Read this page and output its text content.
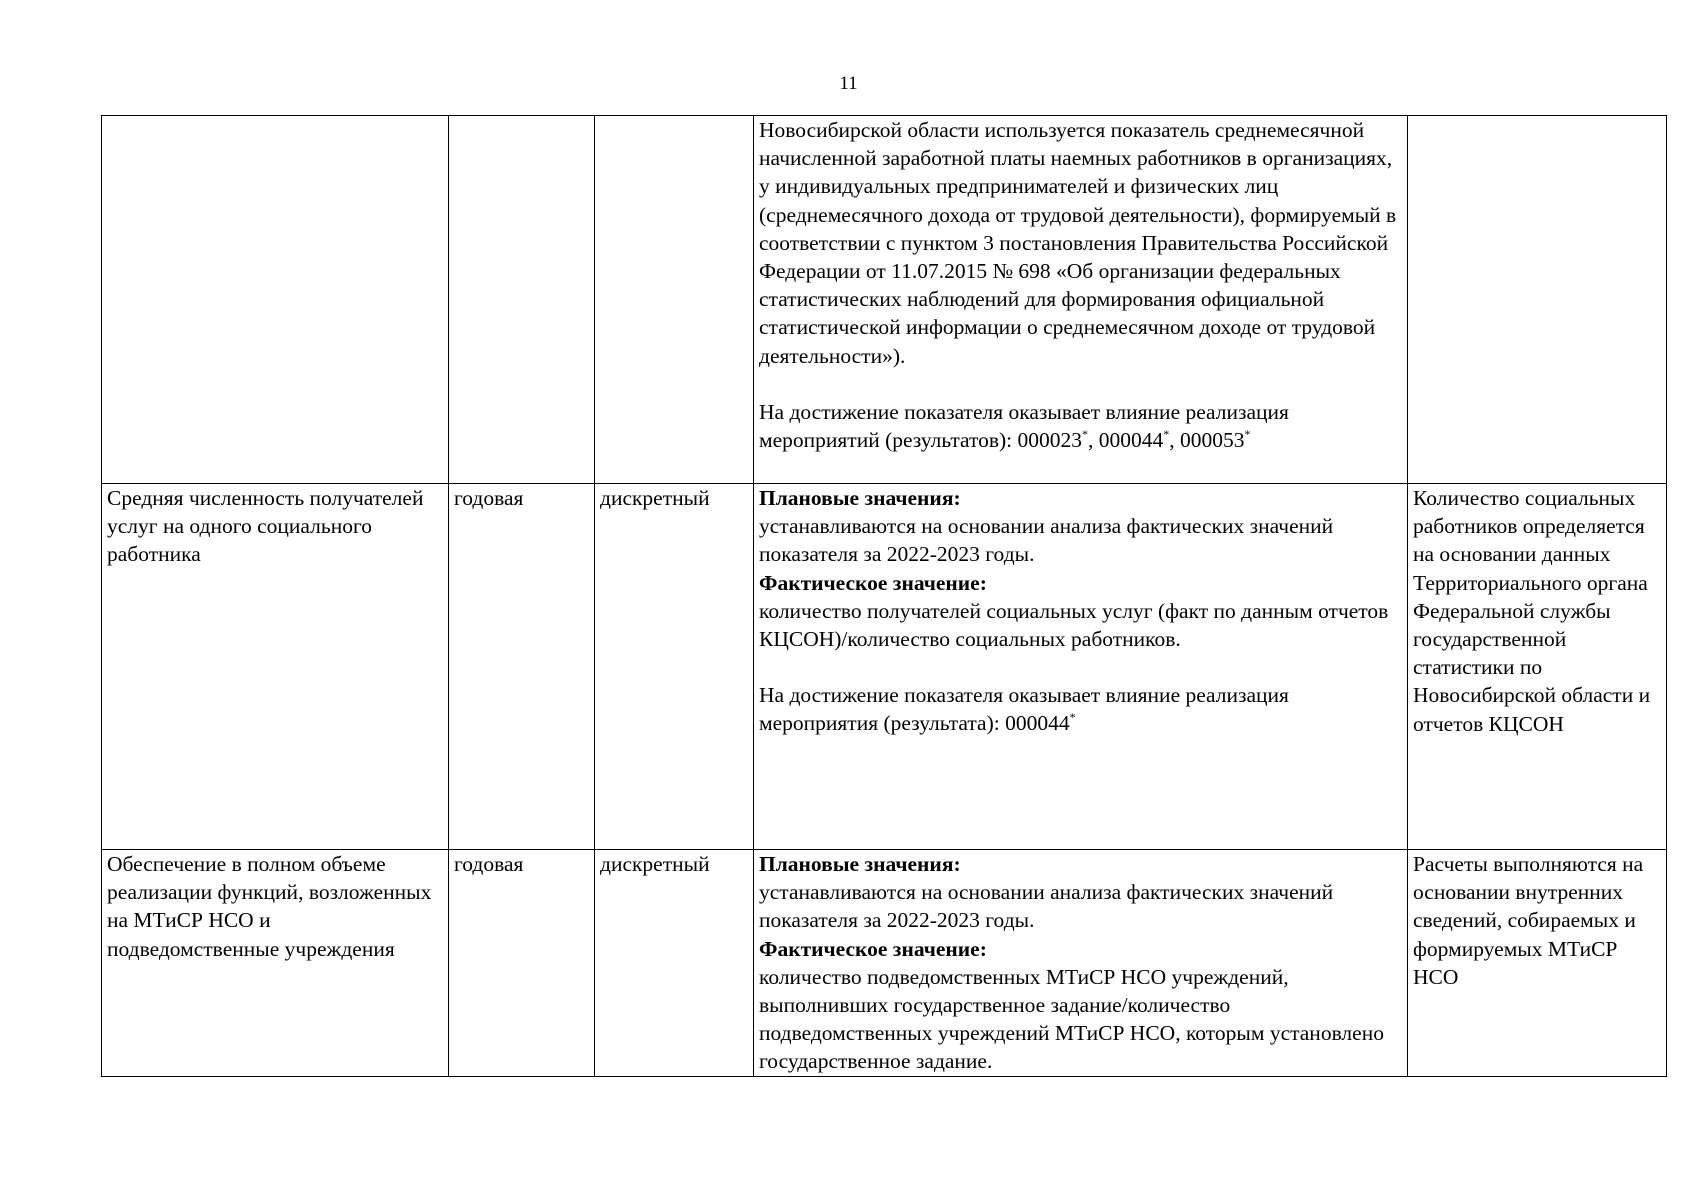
11

			Новосибирской области используется показатель среднемесячной начисленной заработной платы наемных работников в организациях, у индивидуальных предпринимателей и физических лиц (среднемесячного дохода от трудовой деятельности), формируемый в соответствии с пунктом 3 постановления Правительства Российской Федерации от 11.07.2015 № 698 «Об организации федеральных статистических наблюдений для формирования официальной статистической информации о среднемесячном доходе от трудовой деятельности»).
На достижение показателя оказывает влияние реализация мероприятий (результатов): 000023*, 000044*, 000053*

Средняя численность получателей услуг на одного социального работника	годовая	дискретный	Плановые значения:
устанавливаются на основании анализа фактических значений показателя за 2022-2023 годы.
Фактическое значение:
количество получателей социальных услуг (факт по данным отчетов КЦСОН)/количество социальных работников.
На достижение показателя оказывает влияние реализация мероприятия (результата): 000044*	Количество социальных работников определяется на основании данных Территориального органа Федеральной службы государственной статистики по Новосибирской области и отчетов КЦСОН
Обеспечение в полном объеме реализации функций, возложенных на МТиСР НСО и подведомственные учреждения	годовая	дискретный	Плановые значения:
устанавливаются на основании анализа фактических значений показателя за 2022-2023 годы.
Фактическое значение:
количество подведомственных МТиСР НСО учреждений, выполнивших государственное задание/количество подведомственных учреждений МТиСР НСО, которым установлено государственное задание.	Расчеты выполняются на основании внутренних сведений, собираемых и формируемых МТиСР НСО
